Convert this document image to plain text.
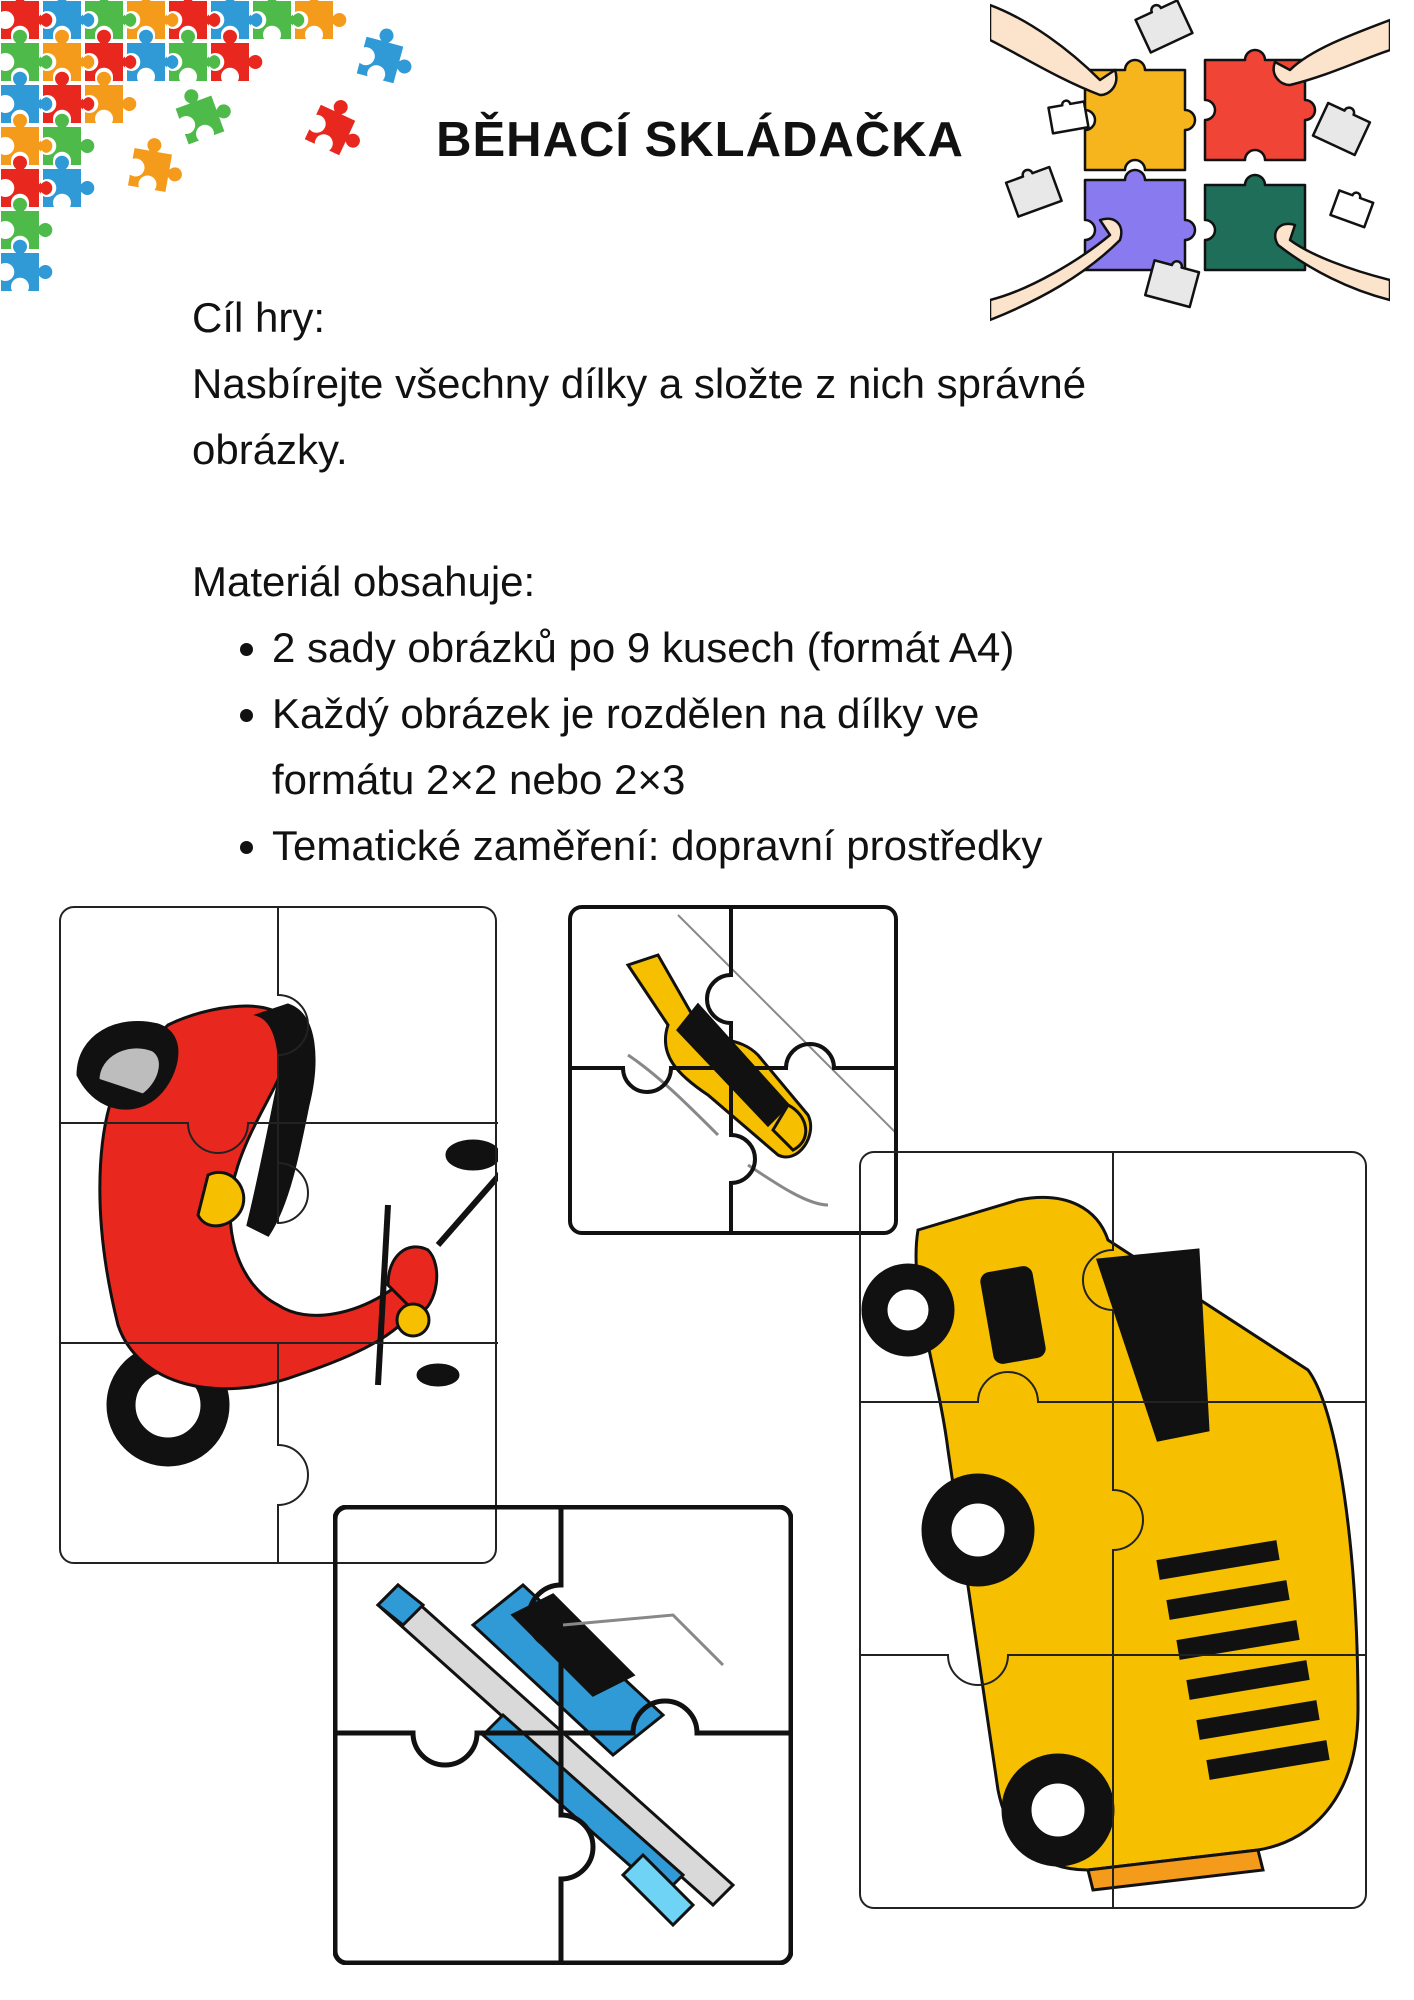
BĚHACÍ SKLÁDAČKA

Cíl hry:

Nasbírejte všechny dílky a složte z nich správné

obrázky.

Materiál obsahuje:

• 2 sady obrázků po 9 kusech (formát A4)
• Každý obrázek je rozdělen na dílky ve
formátu 2×2 nebo 2×3
• Tematické zaměření: dopravní prostředky
